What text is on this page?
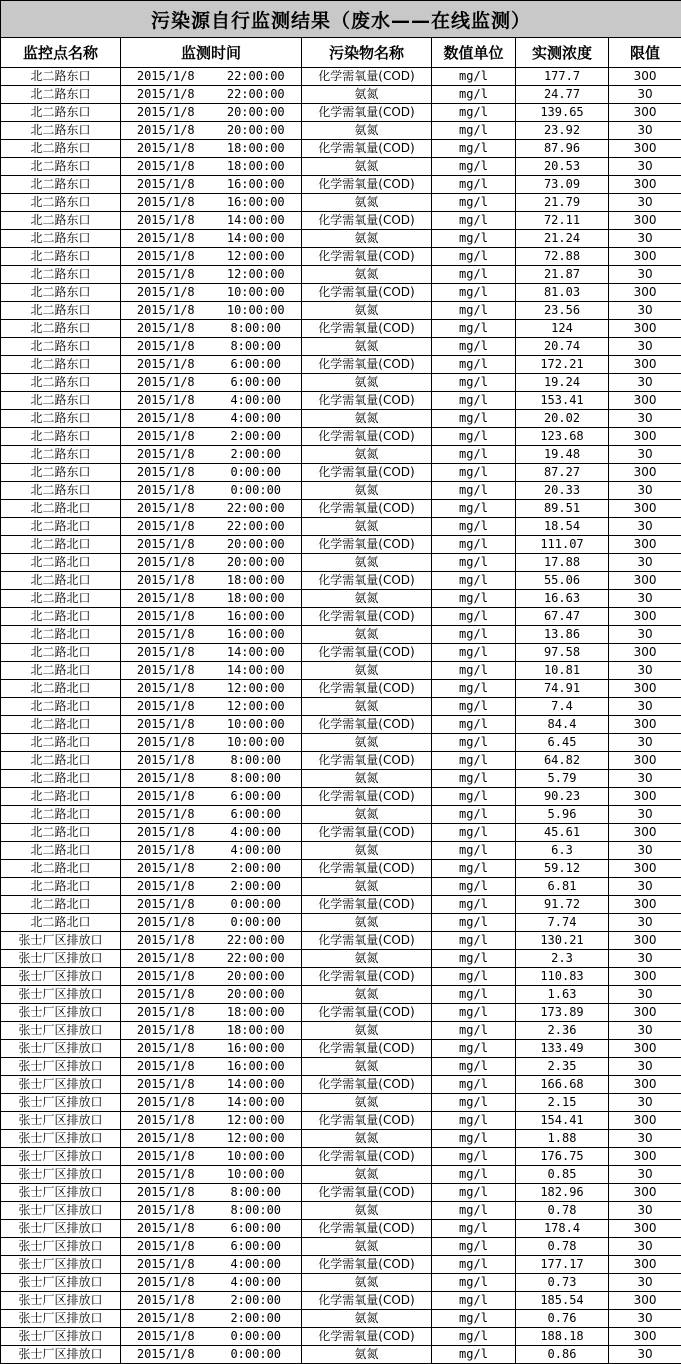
污染源自行监测结果（废水——在线监测）						
监控点名称	监测时间		污染物名称	数值单位	实测浓度	限值
北二路东口	2015/1/8	22:00:00	化学需氧量(COD)	mg/l	177.7	300
北二路东口	2015/1/8	22:00:00	氨氮	mg/l	24.77	30
北二路东口	2015/1/8	20:00:00	化学需氧量(COD)	mg/l	139.65	300
北二路东口	2015/1/8	20:00:00	氨氮	mg/l	23.92	30
北二路东口	2015/1/8	18:00:00	化学需氧量(COD)	mg/l	87.96	300
北二路东口	2015/1/8	18:00:00	氨氮	mg/l	20.53	30
北二路东口	2015/1/8	16:00:00	化学需氧量(COD)	mg/l	73.09	300
北二路东口	2015/1/8	16:00:00	氨氮	mg/l	21.79	30
北二路东口	2015/1/8	14:00:00	化学需氧量(COD)	mg/l	72.11	300
北二路东口	2015/1/8	14:00:00	氨氮	mg/l	21.24	30
北二路东口	2015/1/8	12:00:00	化学需氧量(COD)	mg/l	72.88	300
北二路东口	2015/1/8	12:00:00	氨氮	mg/l	21.87	30
北二路东口	2015/1/8	10:00:00	化学需氧量(COD)	mg/l	81.03	300
北二路东口	2015/1/8	10:00:00	氨氮	mg/l	23.56	30
北二路东口	2015/1/8	8:00:00	化学需氧量(COD)	mg/l	124	300
北二路东口	2015/1/8	8:00:00	氨氮	mg/l	20.74	30
北二路东口	2015/1/8	6:00:00	化学需氧量(COD)	mg/l	172.21	300
北二路东口	2015/1/8	6:00:00	氨氮	mg/l	19.24	30
北二路东口	2015/1/8	4:00:00	化学需氧量(COD)	mg/l	153.41	300
北二路东口	2015/1/8	4:00:00	氨氮	mg/l	20.02	30
北二路东口	2015/1/8	2:00:00	化学需氧量(COD)	mg/l	123.68	300
北二路东口	2015/1/8	2:00:00	氨氮	mg/l	19.48	30
北二路东口	2015/1/8	0:00:00	化学需氧量(COD)	mg/l	87.27	300
北二路东口	2015/1/8	0:00:00	氨氮	mg/l	20.33	30
北二路北口	2015/1/8	22:00:00	化学需氧量(COD)	mg/l	89.51	300
北二路北口	2015/1/8	22:00:00	氨氮	mg/l	18.54	30
北二路北口	2015/1/8	20:00:00	化学需氧量(COD)	mg/l	111.07	300
北二路北口	2015/1/8	20:00:00	氨氮	mg/l	17.88	30
北二路北口	2015/1/8	18:00:00	化学需氧量(COD)	mg/l	55.06	300
北二路北口	2015/1/8	18:00:00	氨氮	mg/l	16.63	30
北二路北口	2015/1/8	16:00:00	化学需氧量(COD)	mg/l	67.47	300
北二路北口	2015/1/8	16:00:00	氨氮	mg/l	13.86	30
北二路北口	2015/1/8	14:00:00	化学需氧量(COD)	mg/l	97.58	300
北二路北口	2015/1/8	14:00:00	氨氮	mg/l	10.81	30
北二路北口	2015/1/8	12:00:00	化学需氧量(COD)	mg/l	74.91	300
北二路北口	2015/1/8	12:00:00	氨氮	mg/l	7.4	30
北二路北口	2015/1/8	10:00:00	化学需氧量(COD)	mg/l	84.4	300
北二路北口	2015/1/8	10:00:00	氨氮	mg/l	6.45	30
北二路北口	2015/1/8	8:00:00	化学需氧量(COD)	mg/l	64.82	300
北二路北口	2015/1/8	8:00:00	氨氮	mg/l	5.79	30
北二路北口	2015/1/8	6:00:00	化学需氧量(COD)	mg/l	90.23	300
北二路北口	2015/1/8	6:00:00	氨氮	mg/l	5.96	30
北二路北口	2015/1/8	4:00:00	化学需氧量(COD)	mg/l	45.61	300
北二路北口	2015/1/8	4:00:00	氨氮	mg/l	6.3	30
北二路北口	2015/1/8	2:00:00	化学需氧量(COD)	mg/l	59.12	300
北二路北口	2015/1/8	2:00:00	氨氮	mg/l	6.81	30
北二路北口	2015/1/8	0:00:00	化学需氧量(COD)	mg/l	91.72	300
北二路北口	2015/1/8	0:00:00	氨氮	mg/l	7.74	30
张士厂区排放口	2015/1/8	22:00:00	化学需氧量(COD)	mg/l	130.21	300
张士厂区排放口	2015/1/8	22:00:00	氨氮	mg/l	2.3	30
张士厂区排放口	2015/1/8	20:00:00	化学需氧量(COD)	mg/l	110.83	300
张士厂区排放口	2015/1/8	20:00:00	氨氮	mg/l	1.63	30
张士厂区排放口	2015/1/8	18:00:00	化学需氧量(COD)	mg/l	173.89	300
张士厂区排放口	2015/1/8	18:00:00	氨氮	mg/l	2.36	30
张士厂区排放口	2015/1/8	16:00:00	化学需氧量(COD)	mg/l	133.49	300
张士厂区排放口	2015/1/8	16:00:00	氨氮	mg/l	2.35	30
张士厂区排放口	2015/1/8	14:00:00	化学需氧量(COD)	mg/l	166.68	300
张士厂区排放口	2015/1/8	14:00:00	氨氮	mg/l	2.15	30
张士厂区排放口	2015/1/8	12:00:00	化学需氧量(COD)	mg/l	154.41	300
张士厂区排放口	2015/1/8	12:00:00	氨氮	mg/l	1.88	30
张士厂区排放口	2015/1/8	10:00:00	化学需氧量(COD)	mg/l	176.75	300
张士厂区排放口	2015/1/8	10:00:00	氨氮	mg/l	0.85	30
张士厂区排放口	2015/1/8	8:00:00	化学需氧量(COD)	mg/l	182.96	300
张士厂区排放口	2015/1/8	8:00:00	氨氮	mg/l	0.78	30
张士厂区排放口	2015/1/8	6:00:00	化学需氧量(COD)	mg/l	178.4	300
张士厂区排放口	2015/1/8	6:00:00	氨氮	mg/l	0.78	30
张士厂区排放口	2015/1/8	4:00:00	化学需氧量(COD)	mg/l	177.17	300
张士厂区排放口	2015/1/8	4:00:00	氨氮	mg/l	0.73	30
张士厂区排放口	2015/1/8	2:00:00	化学需氧量(COD)	mg/l	185.54	300
张士厂区排放口	2015/1/8	2:00:00	氨氮	mg/l	0.76	30
张士厂区排放口	2015/1/8	0:00:00	化学需氧量(COD)	mg/l	188.18	300
张士厂区排放口	2015/1/8	0:00:00	氨氮	mg/l	0.86	30
